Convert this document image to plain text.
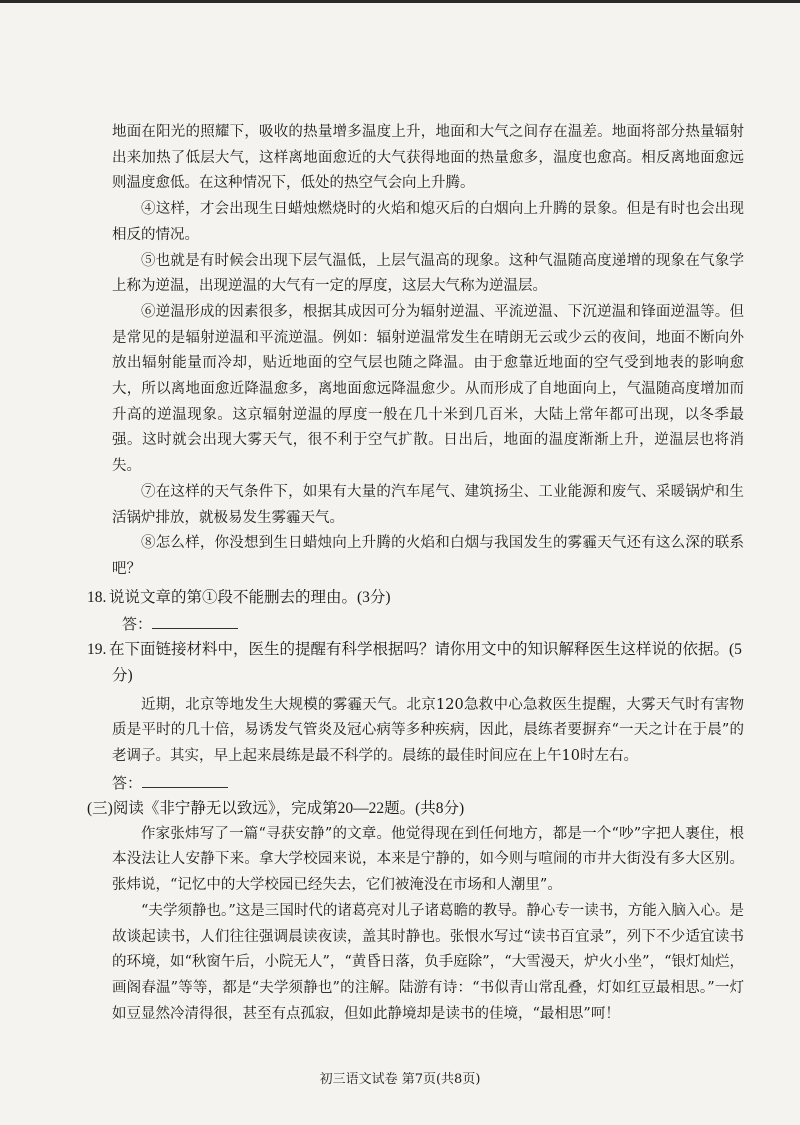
地面在阳光的照耀下，吸收的热量增多温度上升，地面和大气之间存在温差。地面将部分热量辐射出来加热了低层大气，这样离地面愈近的大气获得地面的热量愈多，温度也愈高。相反离地面愈远则温度愈低。在这种情况下，低处的热空气会向上升腾。

④这样，才会出现生日蜡烛燃烧时的火焰和熄灭后的白烟向上升腾的景象。但是有时也会出现相反的情况。

⑤也就是有时候会出现下层气温低，上层气温高的现象。这种气温随高度递增的现象在气象学上称为逆温，出现逆温的大气有一定的厚度，这层大气称为逆温层。

⑥逆温形成的因素很多，根据其成因可分为辐射逆温、平流逆温、下沉逆温和锋面逆温等。但是常见的是辐射逆温和平流逆温。例如：辐射逆温常发生在晴朗无云或少云的夜间，地面不断向外放出辐射能量而冷却，贴近地面的空气层也随之降温。由于愈靠近地面的空气受到地表的影响愈大，所以离地面愈近降温愈多，离地面愈远降温愈少。从而形成了自地面向上，气温随高度增加而升高的逆温现象。这京辐射逆温的厚度一般在几十米到几百米，大陆上常年都可出现，以冬季最强。这时就会出现大雾天气，很不利于空气扩散。日出后，地面的温度渐渐上升，逆温层也将消失。

⑦在这样的天气条件下，如果有大量的汽车尾气、建筑扬尘、工业能源和废气、采暖锅炉和生活锅炉排放，就极易发生雾霾天气。

⑧怎么样，你没想到生日蜡烛向上升腾的火焰和白烟与我国发生的雾霾天气还有这么深的联系吧？

18. 说说文章的第①段不能删去的理由。(3分)

答：

19. 在下面链接材料中，医生的提醒有科学根据吗？请你用文中的知识解释医生这样说的依据。(5分)

近期，北京等地发生大规模的雾霾天气。北京120急救中心急救医生提醒，大雾天气时有害物质是平时的几十倍，易诱发气管炎及冠心病等多种疾病，因此，晨练者要摒弃“一天之计在于晨”的老调子。其实，早上起来晨练是最不科学的。晨练的最佳时间应在上午10时左右。

答：

(三)阅读《非宁静无以致远》，完成第20—22题。(共8分)

作家张炜写了一篇“寻获安静”的文章。他觉得现在到任何地方，都是一个“吵”字把人裹住，根本没法让人安静下来。拿大学校园来说，本来是宁静的，如今则与喧闹的市井大街没有多大区别。张炜说，“记忆中的大学校园已经失去，它们被淹没在市场和人潮里”。

“夫学须静也。”这是三国时代的诸葛亮对儿子诸葛瞻的教导。静心专一读书，方能入脑入心。是故谈起读书，人们往往强调晨读夜读，盖其时静也。张恨水写过“读书百宜录”，列下不少适宜读书的环境，如“秋窗午后，小院无人”，“黄昏日落，负手庭除”，“大雪漫天，炉火小坐”，“银灯灿烂，画阁春温”等等，都是“夫学须静也”的注解。陆游有诗：“书似青山常乱叠，灯如红豆最相思。”一灯如豆显然冷清得很，甚至有点孤寂，但如此静境却是读书的佳境，“最相思”呵！

初三语文试卷 第7页(共8页)
